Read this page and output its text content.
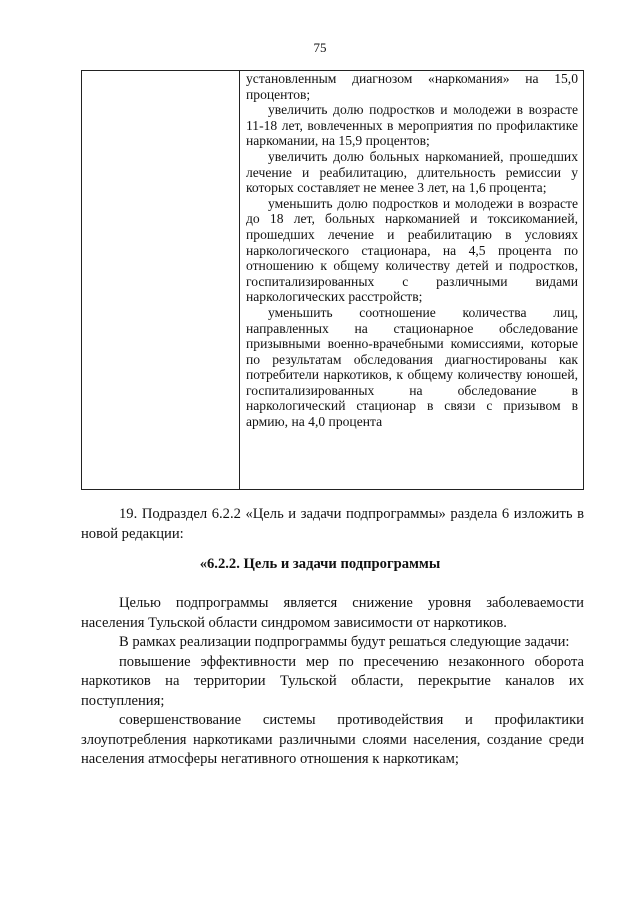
75

установленным диагнозом «наркомания» на 15,0 процентов;

увеличить долю подростков и молодежи в возрасте 11-18 лет, вовлеченных в мероприятия по профилактике наркомании, на 15,9 процентов;

увеличить долю больных наркоманией, прошедших лечение и реабилитацию, длительность ремиссии у которых составляет не менее 3 лет, на 1,6 процента;

уменьшить долю подростков и молодежи в возрасте до 18 лет, больных наркоманией и токсикоманией, прошедших лечение и реабилитацию в условиях наркологического стационара, на 4,5 процента по отношению к общему количеству детей и подростков, госпитализированных с различными видами наркологических расстройств;

уменьшить соотношение количества лиц, направленных на стационарное обследование призывными военно-врачебными комиссиями, которые по результатам обследования диагностированы как потребители наркотиков, к общему количеству юношей, госпитализированных на обследование в наркологический стационар в связи с призывом в армию, на 4,0 процента

19. Подраздел 6.2.2 «Цель и задачи подпрограммы» раздела 6 изложить в новой редакции:

«6.2.2. Цель и задачи подпрограммы

Целью подпрограммы является снижение уровня заболеваемости населения Тульской области синдромом зависимости от наркотиков.

В рамках реализации подпрограммы будут решаться следующие задачи:

повышение эффективности мер по пресечению незаконного оборота наркотиков на территории Тульской области, перекрытие каналов их поступления;

совершенствование системы противодействия и профилактики злоупотребления наркотиками различными слоями населения, создание среди населения атмосферы негативного отношения к наркотикам;
